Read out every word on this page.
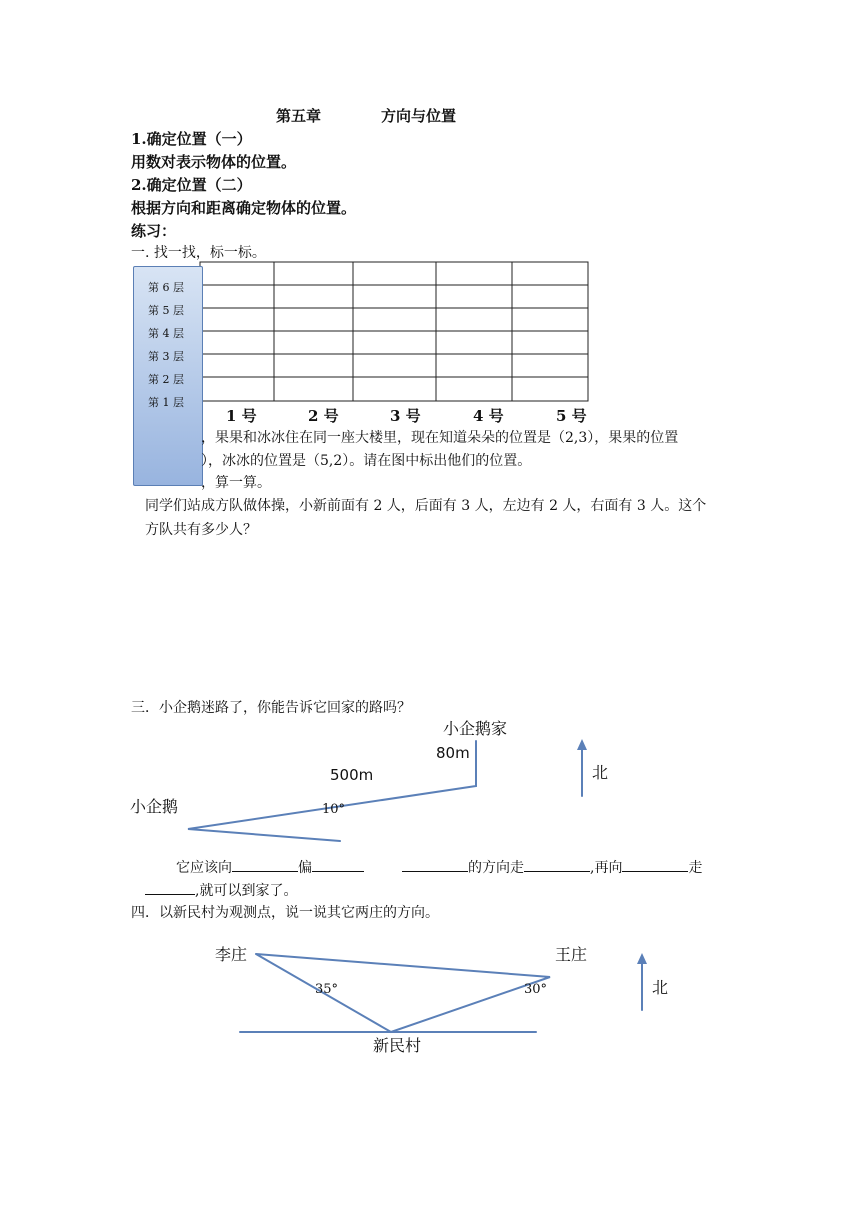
第五章	方向与位置
1.确定位置（一）
用数对表示物体的位置。
2.确定位置（二）
根据方向和距离确定物体的位置。
练习：
一. 找一找，标一标。
第 6 层
第 5 层
第 4 层
第 3 层
第 2 层
第 1 层
1 号	2 号	3 号	4 号	5 号
，果果和冰冰住在同一座大楼里，现在知道朵朵的位置是（2,3），果果的位置
），冰冰的位置是（5,2）。请在图中标出他们的位置。
，算一算。
同学们站成方队做体操，小新前面有 2 人，后面有 3 人，左边有 2 人，右面有 3 人。这个
方队共有多少人？
三．小企鹅迷路了，你能告诉它回家的路吗？
小企鹅家
80m
500m
10°
小企鹅
北
它应该向	偏	的方向走	,再向	走
,就可以到家了。
四．以新民村为观测点，说一说其它两庄的方向。
李庄	王庄
35°	30°	北
新民村
